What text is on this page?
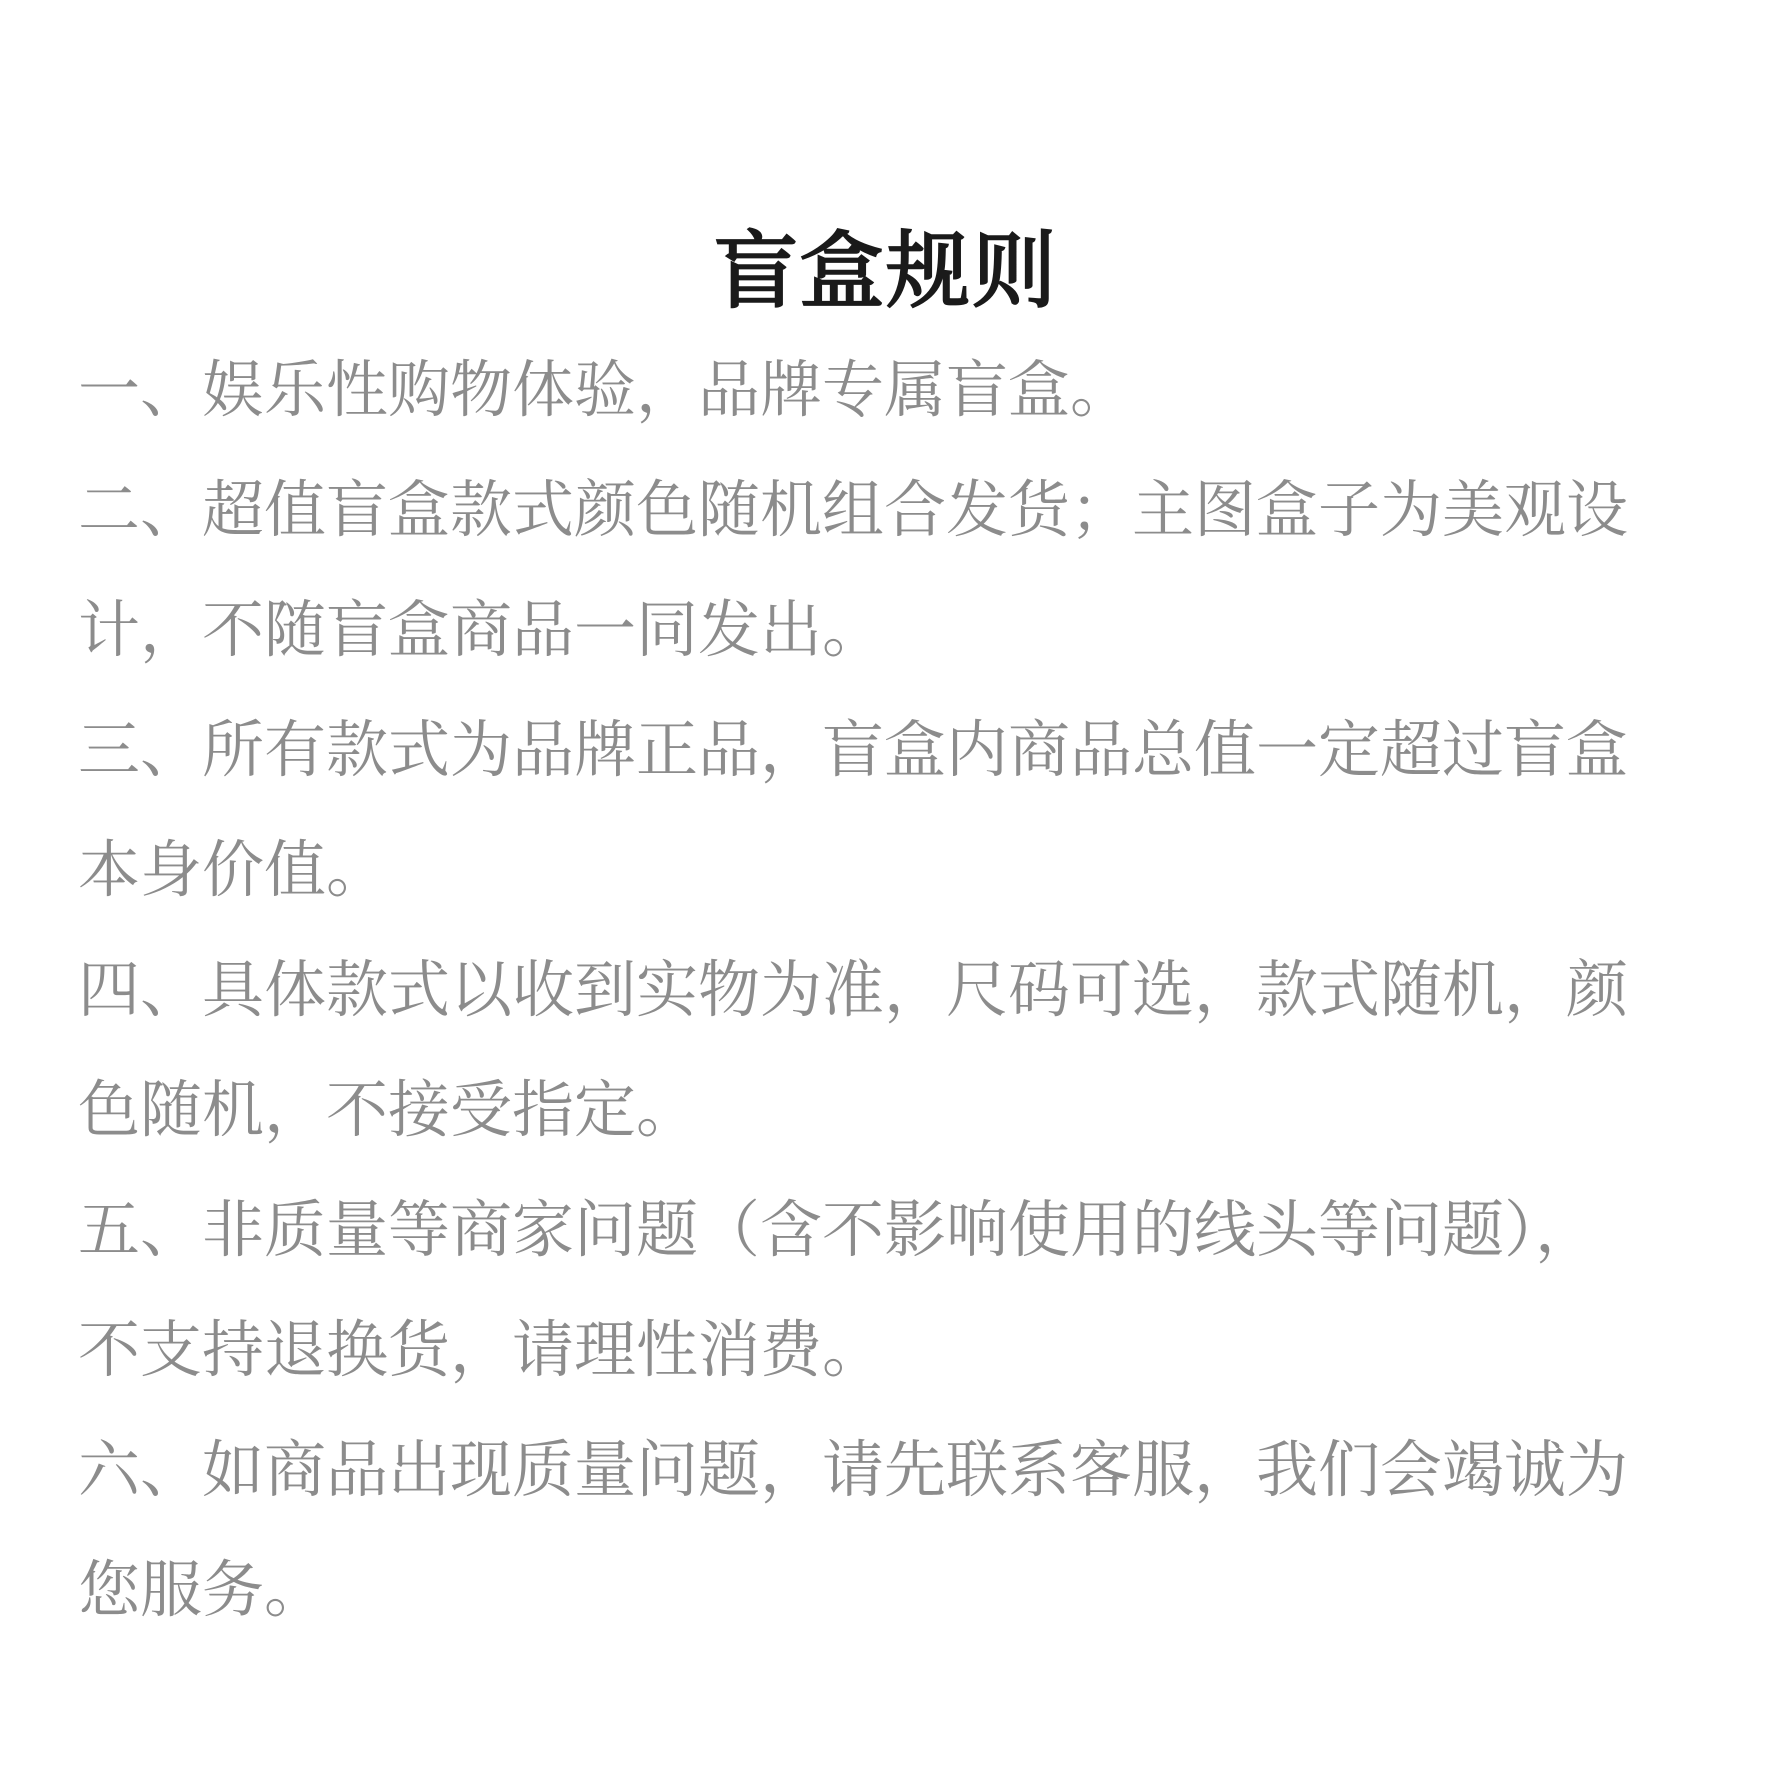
盲盒规则
一、娱乐性购物体验，品牌专属盲盒。
二、超值盲盒款式颜色随机组合发货；主图盒子为美观设计，不随盲盒商品一同发出。
三、所有款式为品牌正品，盲盒内商品总值一定超过盲盒本身价值。
四、具体款式以收到实物为准，尺码可选，款式随机，颜色随机，不接受指定。
五、非质量等商家问题（含不影响使用的线头等问题），不支持退换货，请理性消费。
六、如商品出现质量问题，请先联系客服，我们会竭诚为您服务。
